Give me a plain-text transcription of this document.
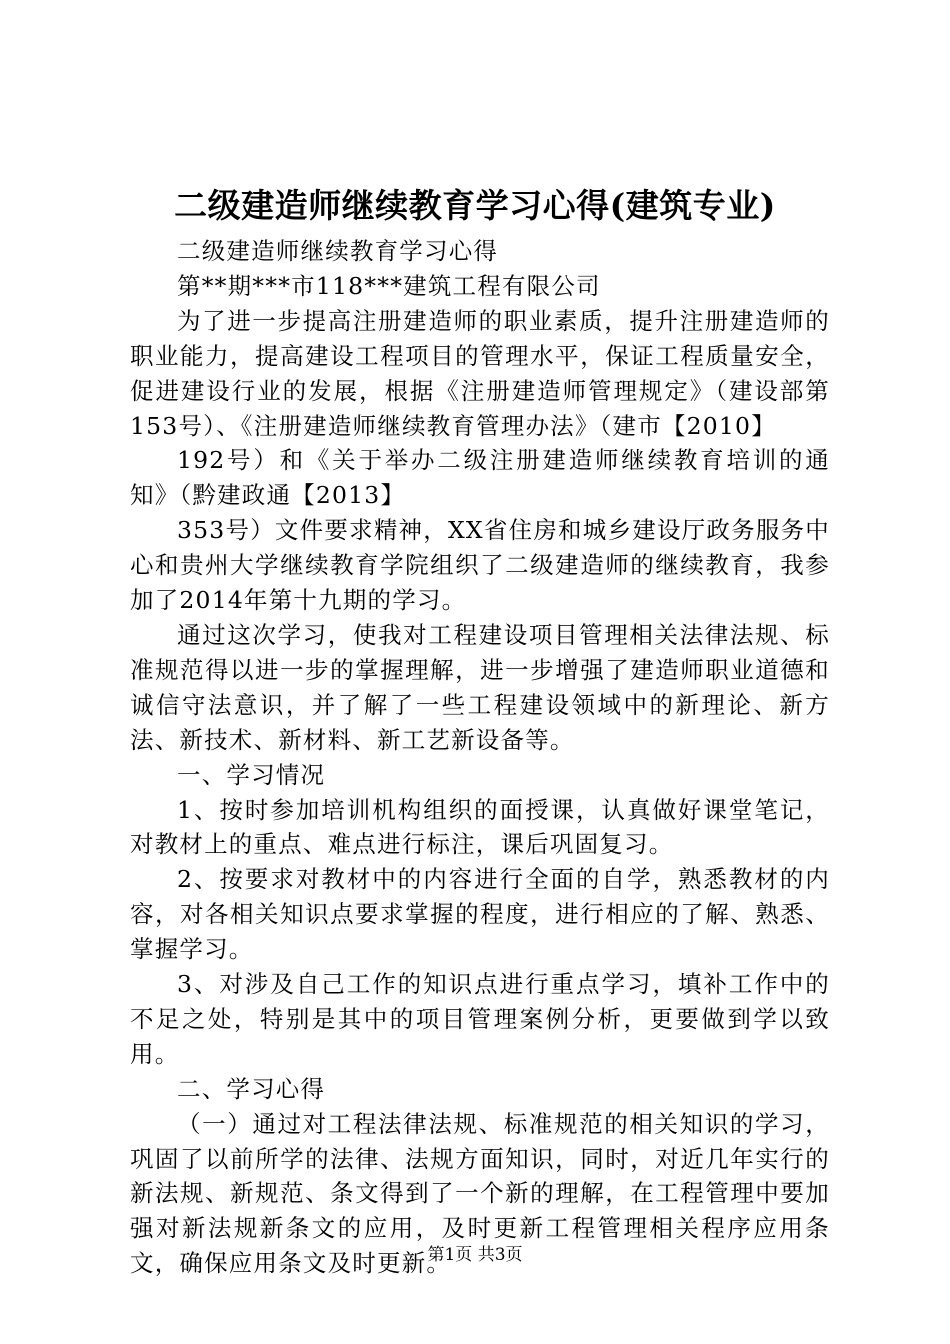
二级建造师继续教育学习心得(建筑专业)

二级建造师继续教育学习心得

第**期***市118***建筑工程有限公司

为了进一步提高注册建造师的职业素质，提升注册建造师的职业能力，提高建设工程项目的管理水平，保证工程质量安全，促进建设行业的发展，根据《注册建造师管理规定》（建设部第153号）、《注册建造师继续教育管理办法》（建市【2010】

192号）和《关于举办二级注册建造师继续教育培训的通知》（黔建政通【2013】

353号）文件要求精神，XX省住房和城乡建设厅政务服务中心和贵州大学继续教育学院组织了二级建造师的继续教育，我参加了2014年第十九期的学习。

通过这次学习，使我对工程建设项目管理相关法律法规、标准规范得以进一步的掌握理解，进一步增强了建造师职业道德和诚信守法意识，并了解了一些工程建设领域中的新理论、新方法、新技术、新材料、新工艺新设备等。

一、学习情况

1、按时参加培训机构组织的面授课，认真做好课堂笔记，对教材上的重点、难点进行标注，课后巩固复习。

2、按要求对教材中的内容进行全面的自学，熟悉教材的内容，对各相关知识点要求掌握的程度，进行相应的了解、熟悉、掌握学习。

3、对涉及自己工作的知识点进行重点学习，填补工作中的不足之处，特别是其中的项目管理案例分析，更要做到学以致用。

二、学习心得

（一）通过对工程法律法规、标准规范的相关知识的学习，巩固了以前所学的法律、法规方面知识，同时，对近几年实行的新法规、新规范、条文得到了一个新的理解，在工程管理中要加强对新法规新条文的应用，及时更新工程管理相关程序应用条文，确保应用条文及时更新。

第1页 共3页
